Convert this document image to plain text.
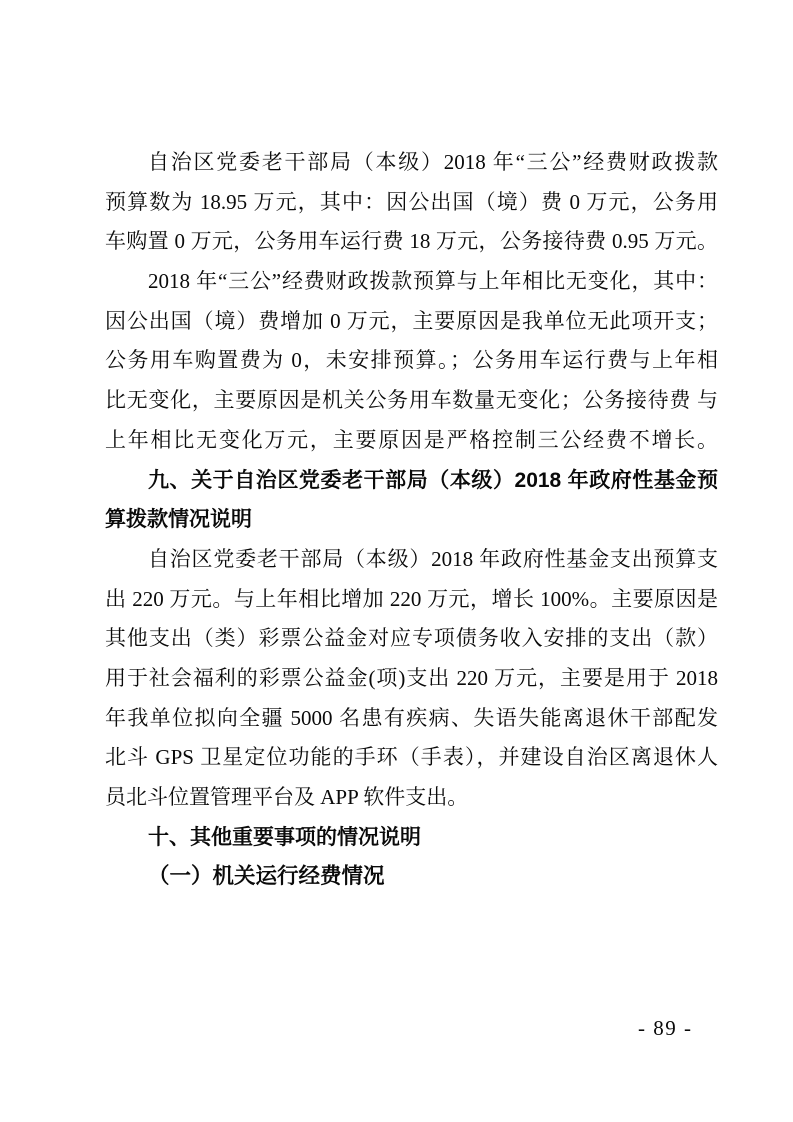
自治区党委老干部局（本级）2018 年“三公”经费财政拨款
预算数为 18.95 万元，其中：因公出国（境）费 0 万元，公务用
车购置 0 万元，公务用车运行费 18 万元，公务接待费 0.95 万元。
2018 年“三公”经费财政拨款预算与上年相比无变化，其中：
因公出国（境）费增加 0 万元，主要原因是我单位无此项开支；
公务用车购置费为 0，未安排预算。；公务用车运行费与上年相
比无变化，主要原因是机关公务用车数量无变化；公务接待费 与
上年相比无变化万元，主要原因是严格控制三公经费不增长。
九、关于自治区党委老干部局（本级）2018 年政府性基金预
算拨款情况说明
自治区党委老干部局（本级）2018 年政府性基金支出预算支
出 220 万元。与上年相比增加 220 万元，增长 100%。主要原因是
其他支出（类）彩票公益金对应专项债务收入安排的支出（款）
用于社会福利的彩票公益金(项)支出 220 万元，主要是用于 2018
年我单位拟向全疆 5000 名患有疾病、失语失能离退休干部配发
北斗 GPS 卫星定位功能的手环（手表），并建设自治区离退休人
员北斗位置管理平台及 APP 软件支出。
十、其他重要事项的情况说明
（一）机关运行经费情况
- 89 -
